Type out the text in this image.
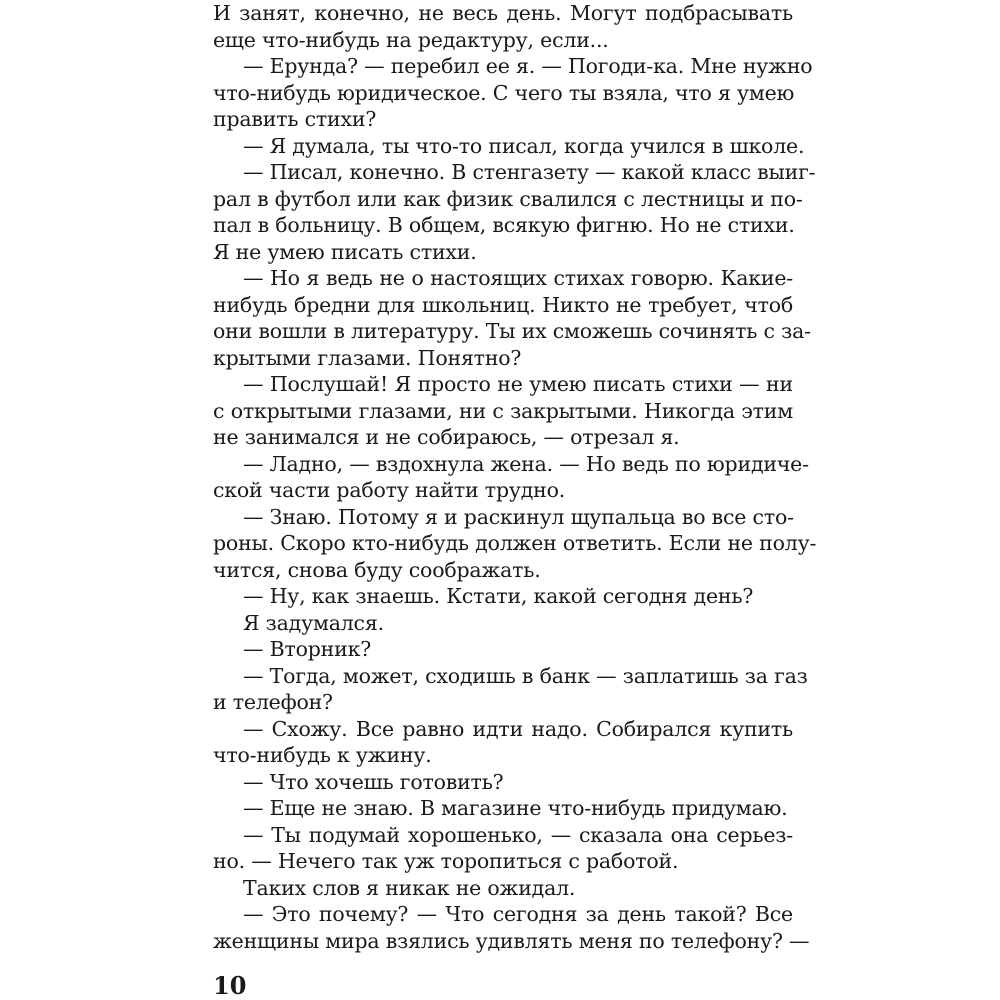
И занят, конечно, не весь день. Могут подбрасывать
еще что-нибудь на редактуру, если...
— Ерунда? — перебил ее я. — Погоди-ка. Мне нужно
что-нибудь юридическое. С чего ты взяла, что я умею
править стихи?
— Я думала, ты что-то писал, когда учился в школе.
— Писал, конечно. В стенгазету — какой класс выиг-
рал в футбол или как физик свалился с лестницы и по-
пал в больницу. В общем, всякую фигню. Но не стихи.
Я не умею писать стихи.
— Но я ведь не о настоящих стихах говорю. Какие-
нибудь бредни для школьниц. Никто не требует, чтоб
они вошли в литературу. Ты их сможешь сочинять с за-
крытыми глазами. Понятно?
— Послушай! Я просто не умею писать стихи — ни
с открытыми глазами, ни с закрытыми. Никогда этим
не занимался и не собираюсь, — отрезал я.
— Ладно, — вздохнула жена. — Но ведь по юридиче-
ской части работу найти трудно.
— Знаю. Потому я и раскинул щупальца во все сто-
роны. Скоро кто-нибудь должен ответить. Если не полу-
чится, снова буду соображать.
— Ну, как знаешь. Кстати, какой сегодня день?
Я задумался.
— Вторник?
— Тогда, может, сходишь в банк — заплатишь за газ
и телефон?
— Схожу. Все равно идти надо. Собирался купить
что-нибудь к ужину.
— Что хочешь готовить?
— Еще не знаю. В магазине что-нибудь придумаю.
— Ты подумай хорошенько, — сказала она серьез-
но. — Нечего так уж торопиться с работой.
Таких слов я никак не ожидал.
— Это почему? — Что сегодня за день такой? Все
женщины мира взялись удивлять меня по телефону? —
10
